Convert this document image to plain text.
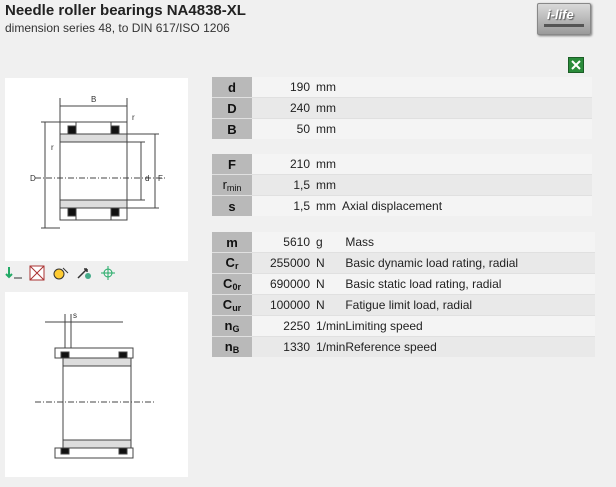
Needle roller bearings NA4838-XL
dimension series 48, to DIN 617/ISO 1206
i-life
B
r
r
D	d F

s
d	190	mm	
D	240	mm	
B	50	mm	
F	210	mm	
$r_{min}$	1,5	mm	
s	1,5	mm	Axial displacement
m	5610	g	Mass
$C_r$	255000	N	Basic dynamic load rating, radial
$C_{0r}$	690000	N	Basic static load rating, radial
$C_{ur}$	100000	N	Fatigue limit load, radial
$n_G$	2250	1/min	Limiting speed
$n_B$	1330	1/min	Reference speed
